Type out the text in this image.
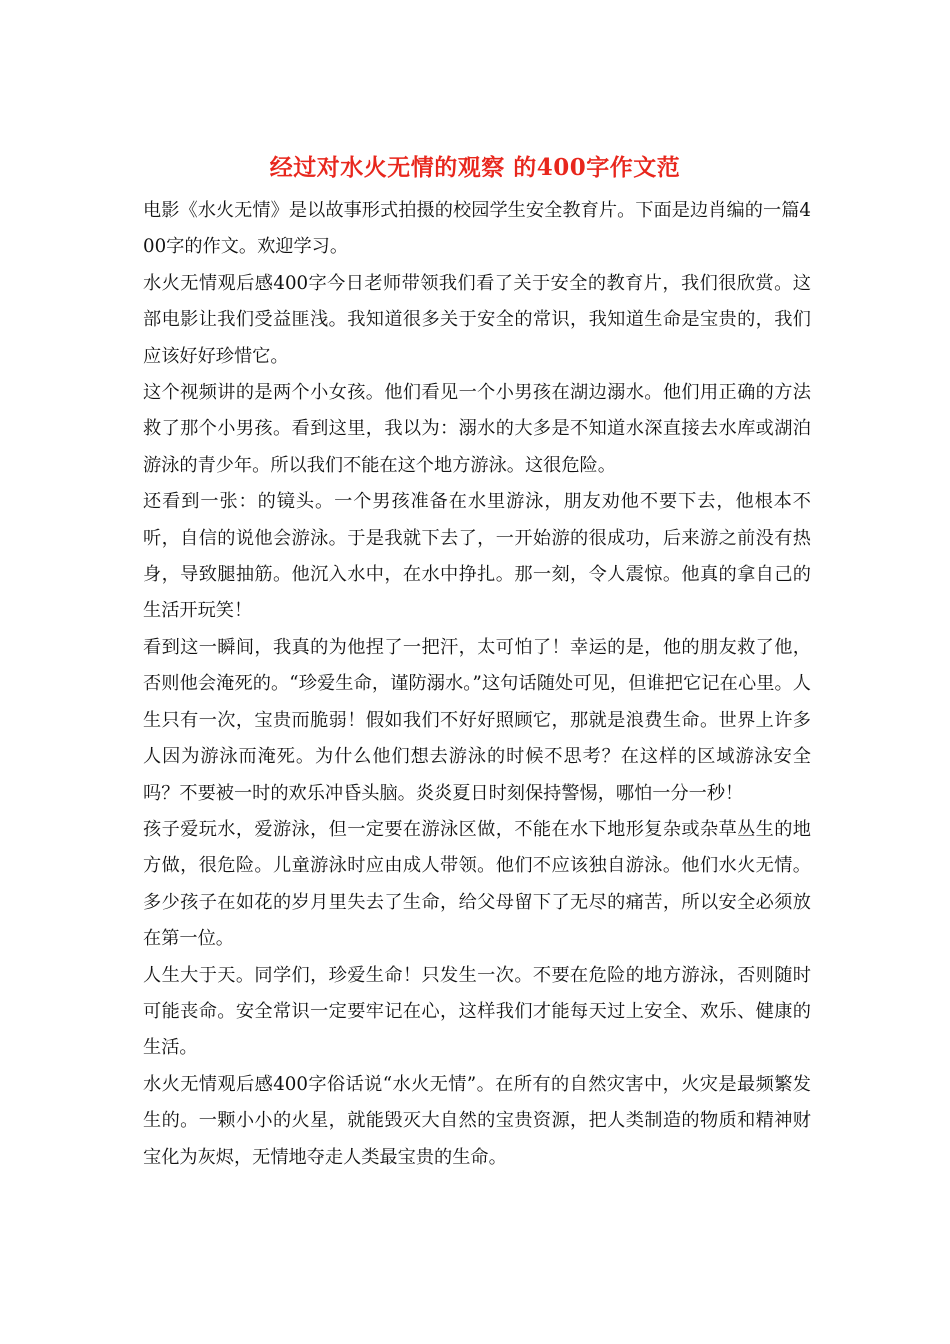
经过对水火无情的观察 的400字作文范

电影《水火无情》是以故事形式拍摄的校园学生安全教育片。下面是边肖编的一篇400字的作文。欢迎学习。

水火无情观后感400字今日老师带领我们看了关于安全的教育片，我们很欣赏。这部电影让我们受益匪浅。我知道很多关于安全的常识，我知道生命是宝贵的，我们应该好好珍惜它。

这个视频讲的是两个小女孩。他们看见一个小男孩在湖边溺水。他们用正确的方法救了那个小男孩。看到这里，我以为：溺水的大多是不知道水深直接去水库或湖泊游泳的青少年。所以我们不能在这个地方游泳。这很危险。

还看到一张：的镜头。一个男孩准备在水里游泳，朋友劝他不要下去，他根本不听，自信的说他会游泳。于是我就下去了，一开始游的很成功，后来游之前没有热身，导致腿抽筋。他沉入水中，在水中挣扎。那一刻，令人震惊。他真的拿自己的生活开玩笑！

看到这一瞬间，我真的为他捏了一把汗，太可怕了！幸运的是，他的朋友救了他，否则他会淹死的。“珍爱生命，谨防溺水。”这句话随处可见，但谁把它记在心里。人生只有一次，宝贵而脆弱！假如我们不好好照顾它，那就是浪费生命。世界上许多人因为游泳而淹死。为什么他们想去游泳的时候不思考？在这样的区域游泳安全吗？不要被一时的欢乐冲昏头脑。炎炎夏日时刻保持警惕，哪怕一分一秒！

孩子爱玩水，爱游泳，但一定要在游泳区做，不能在水下地形复杂或杂草丛生的地方做，很危险。儿童游泳时应由成人带领。他们不应该独自游泳。他们水火无情。多少孩子在如花的岁月里失去了生命，给父母留下了无尽的痛苦，所以安全必须放在第一位。

人生大于天。同学们，珍爱生命！只发生一次。不要在危险的地方游泳，否则随时可能丧命。安全常识一定要牢记在心，这样我们才能每天过上安全、欢乐、健康的生活。

水火无情观后感400字俗话说“水火无情”。在所有的自然灾害中，火灾是最频繁发生的。一颗小小的火星，就能毁灭大自然的宝贵资源，把人类制造的物质和精神财宝化为灰烬，无情地夺走人类最宝贵的生命。
